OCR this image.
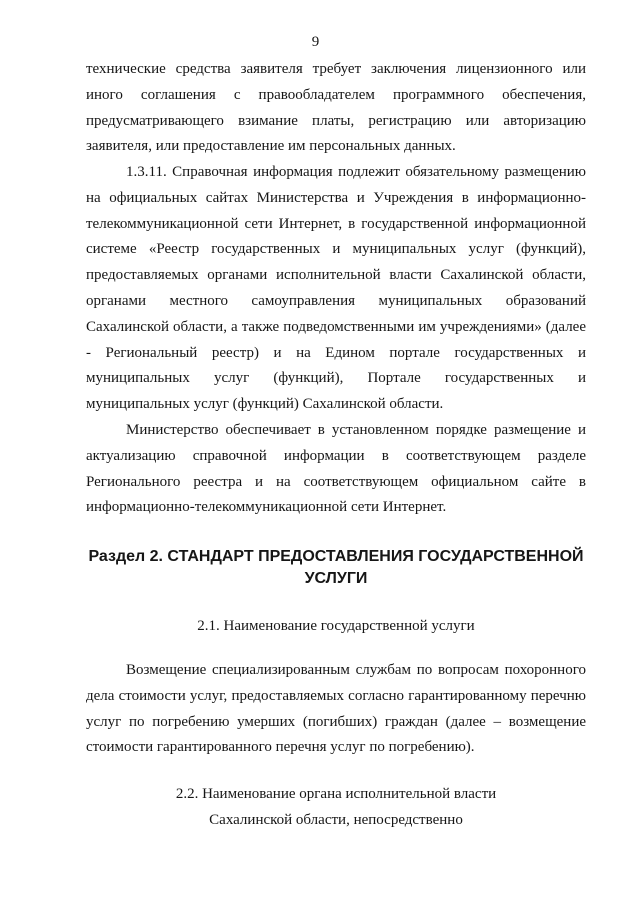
9

технические средства заявителя требует заключения лицензионного или иного соглашения с правообладателем программного обеспечения, предусматривающего взимание платы, регистрацию или авторизацию заявителя, или предоставление им персональных данных.

1.3.11. Справочная информация подлежит обязательному размещению на официальных сайтах Министерства и Учреждения в информационно-телекоммуникационной сети Интернет, в государственной информационной системе «Реестр государственных и муниципальных услуг (функций), предоставляемых органами исполнительной власти Сахалинской области, органами местного самоуправления муниципальных образований Сахалинской области, а также подведомственными им учреждениями» (далее - Региональный реестр) и на Едином портале государственных и муниципальных услуг (функций), Портале государственных и муниципальных услуг (функций) Сахалинской области.

Министерство обеспечивает в установленном порядке размещение и актуализацию справочной информации в соответствующем разделе Регионального реестра и на соответствующем официальном сайте в информационно-телекоммуникационной сети Интернет.

Раздел 2. СТАНДАРТ ПРЕДОСТАВЛЕНИЯ ГОСУДАРСТВЕННОЙ УСЛУГИ
2.1. Наименование государственной услуги

Возмещение специализированным службам по вопросам похоронного дела стоимости услуг, предоставляемых согласно гарантированному перечню услуг по погребению умерших (погибших) граждан (далее – возмещение стоимости гарантированного перечня услуг по погребению).

2.2. Наименование органа исполнительной власти
Сахалинской области, непосредственно
